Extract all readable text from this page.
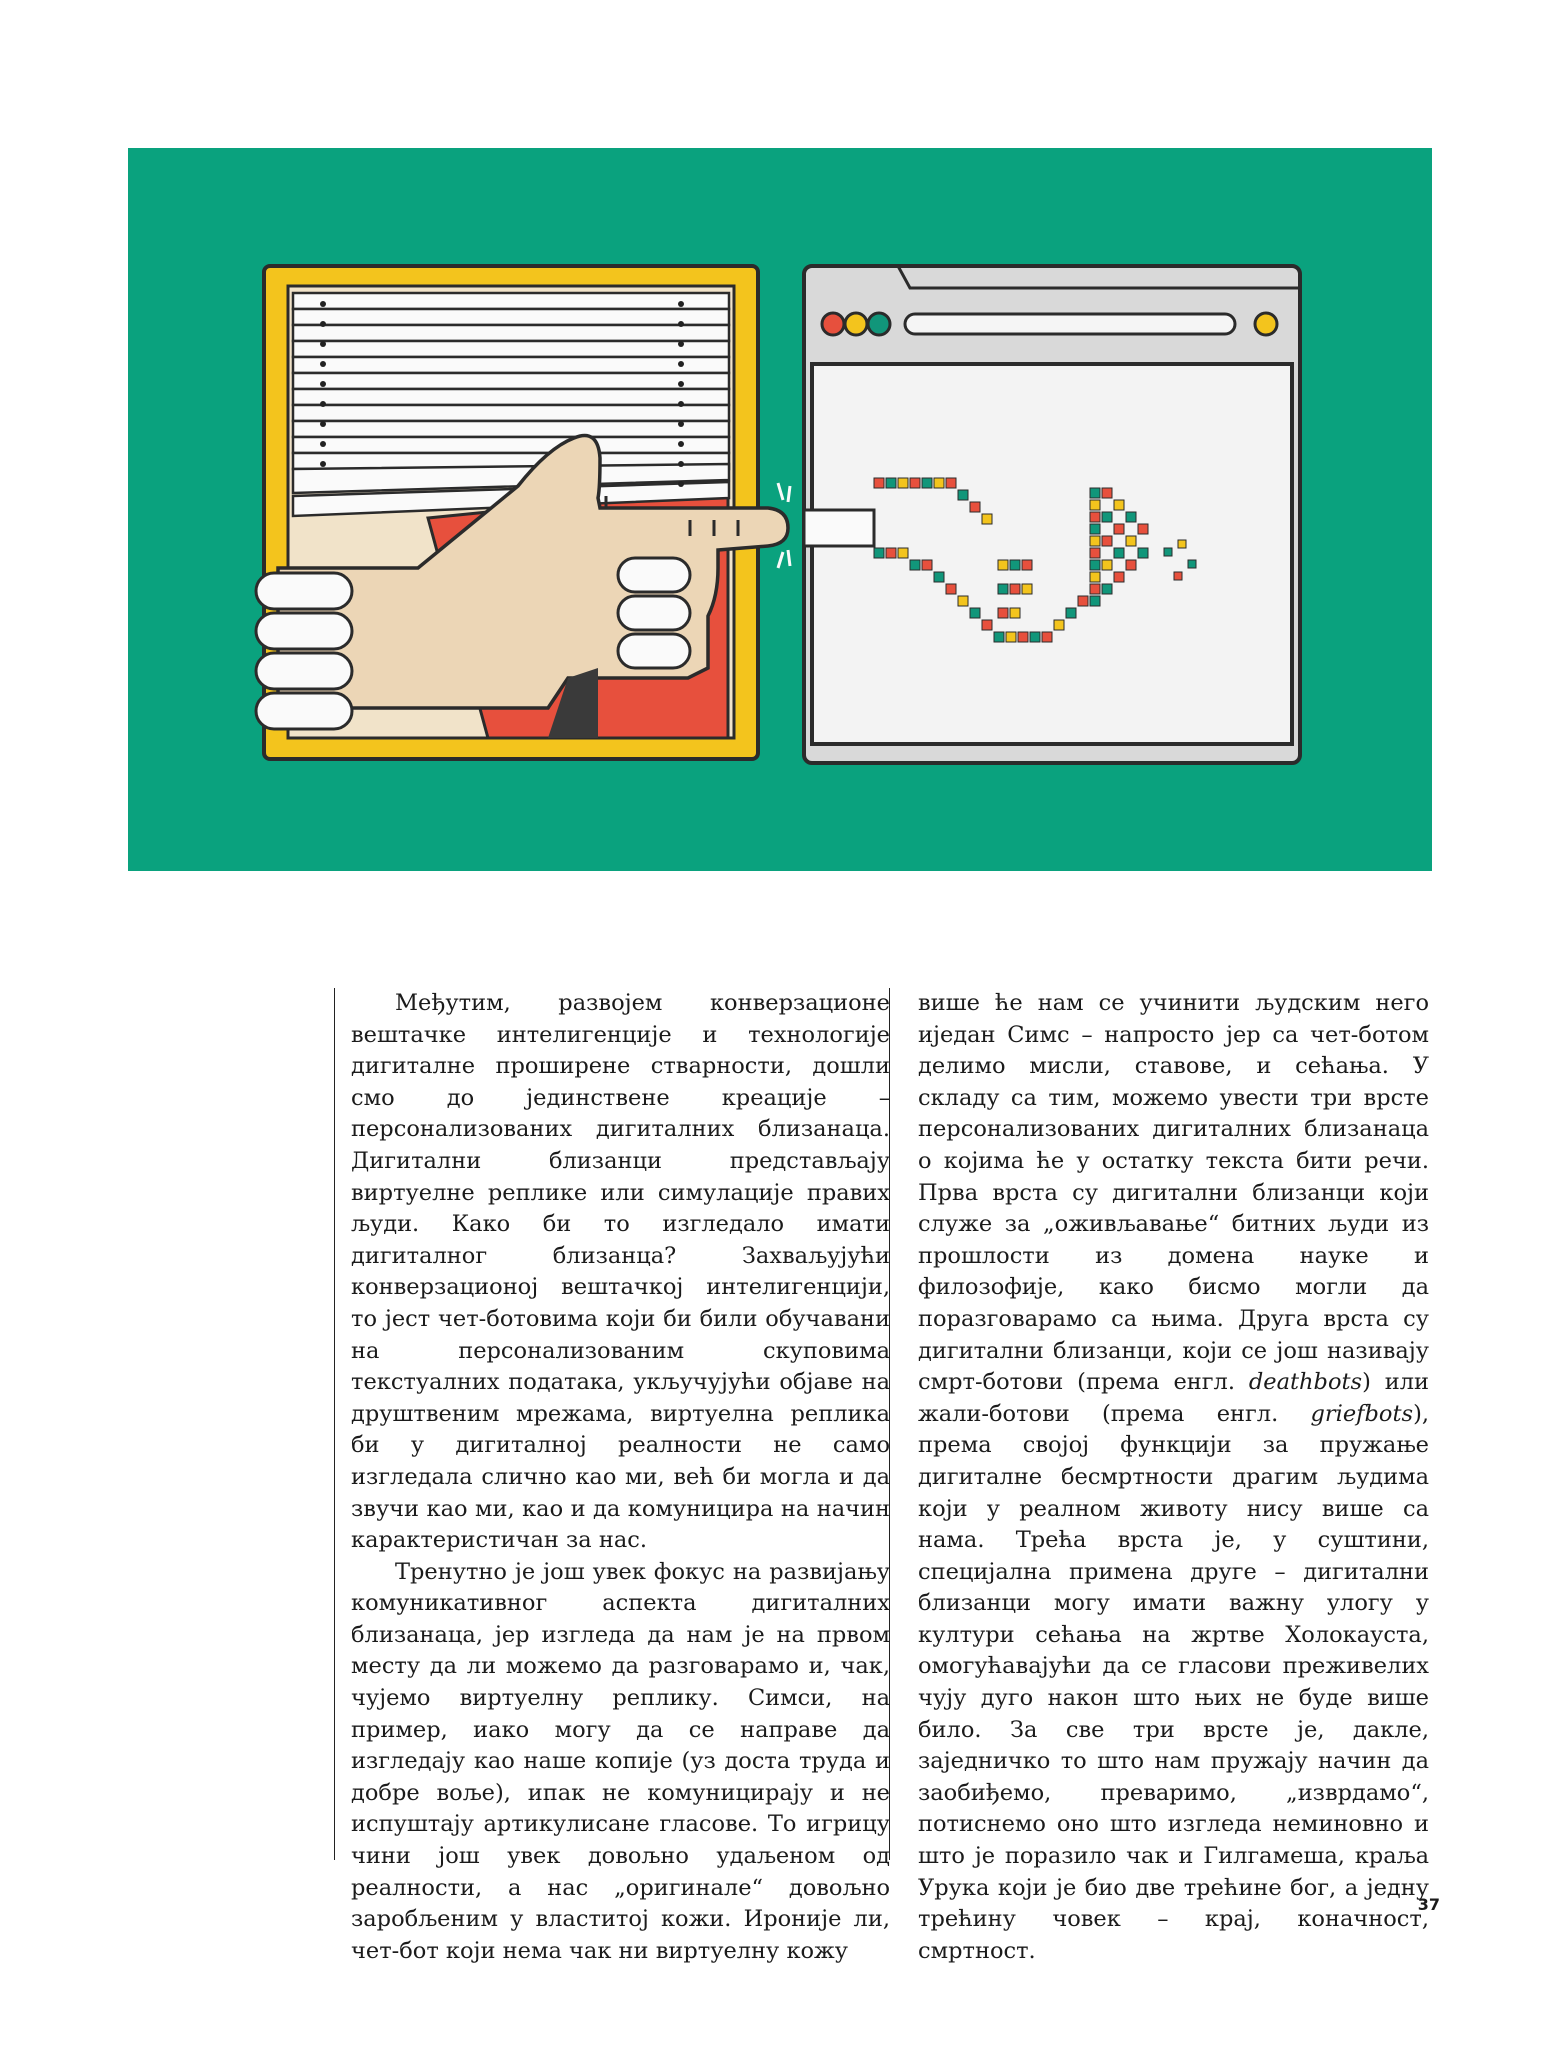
Међутим, развојем конверзационе вештачке интелигенције и технологије дигиталне проширене стварности, дошли смо до јединствене креације – персонализованих дигиталних близанаца. Дигитални близанци представљају виртуелне реплике или симулације правих људи. Како би то изгледало имати дигиталног близанца? Захваљујући конверзационој вештачкој интелигенцији, то јест чет-ботовима који би били обучавани на персонализованим скуповима текстуалних података, укључујући објаве на друштвеним мрежама, виртуелна реплика би у дигиталној реалности не само изгледала слично као ми, већ би могла и да звучи као ми, као и да комуницира на начин карактеристичан за нас.

Тренутно је још увек фокус на развијању комуникативног аспекта дигиталних близанаца, јер изгледа да нам је на првом месту да ли можемо да разговарамо и, чак, чујемо виртуелну реплику. Симси, на пример, иако могу да се направе да изгледају као наше копије (уз доста труда и добре воље), ипак не комуницирају и не испуштају артикулисане гласове. То игрицу чини још увек довољно удаљеном од реалности, а нас „оригинале“ довољно заробљеним у властитој кожи. Ироније ли, чет-бот који нема чак ни виртуелну кожу

више ће нам се учинити људским него иједан Симс – напросто јер са чет-ботом делимо мисли, ставове, и сећања. У складу са тим, можемо увести три врсте персонализованих дигиталних близанаца о којима ће у остатку текста бити речи. Прва врста су дигитални близанци који служе за „оживљавање“ битних људи из прошлости из домена науке и филозофије, како бисмо могли да поразговарамо са њима. Друга врста су дигитални близанци, који се још називају смрт-ботови (према енгл. deathbots) или жали-ботови (према енгл. griefbots), према својој функцији за пружање дигиталне бесмртности драгим људима који у реалном животу нису више са нама. Трећа врста је, у суштини, специјална примена друге – дигитални близанци могу имати важну улогу у култури сећања на жртве Холокауста, омогућавајући да се гласови преживелих чују дуго након што њих не буде више било. За све три врсте је, дакле, заједничко то што нам пружају начин да заобиђемо, преваримо, „изврдамо“, потиснемо оно што изгледа неминовно и што је поразило чак и Гилгамеша, краља Урука који је био две трећине бог, а једну трећину човек – крај, коначност, смртност.

37
